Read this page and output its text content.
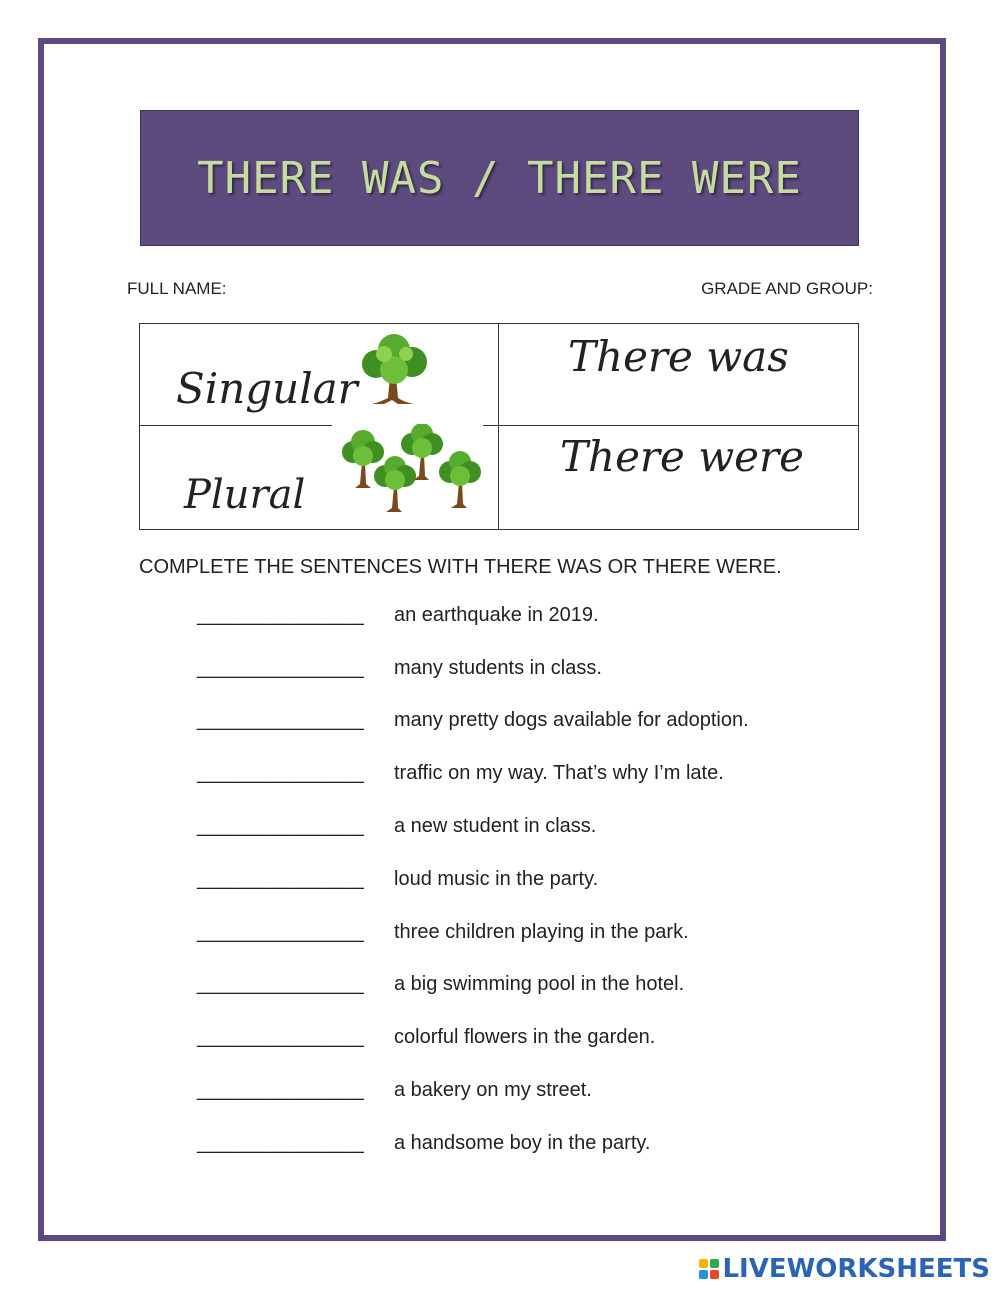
THERE WAS / THERE WERE
FULL NAME:	GRADE AND GROUP:
Singular
Plural
There was
There were
COMPLETE THE SENTENCES WITH THERE WAS OR THERE WERE.
_______________ an earthquake in 2019.
_______________ many students in class.
_______________ many pretty dogs available for adoption.
_______________ traffic on my way. That’s why I’m late.
_______________ a new student in class.
_______________ loud music in the party.
_______________ three children playing in the park.
_______________ a big swimming pool in the hotel.
_______________ colorful flowers in the garden.
_______________ a bakery on my street.
_______________ a handsome boy in the party.
LIVEWORKSHEETS
